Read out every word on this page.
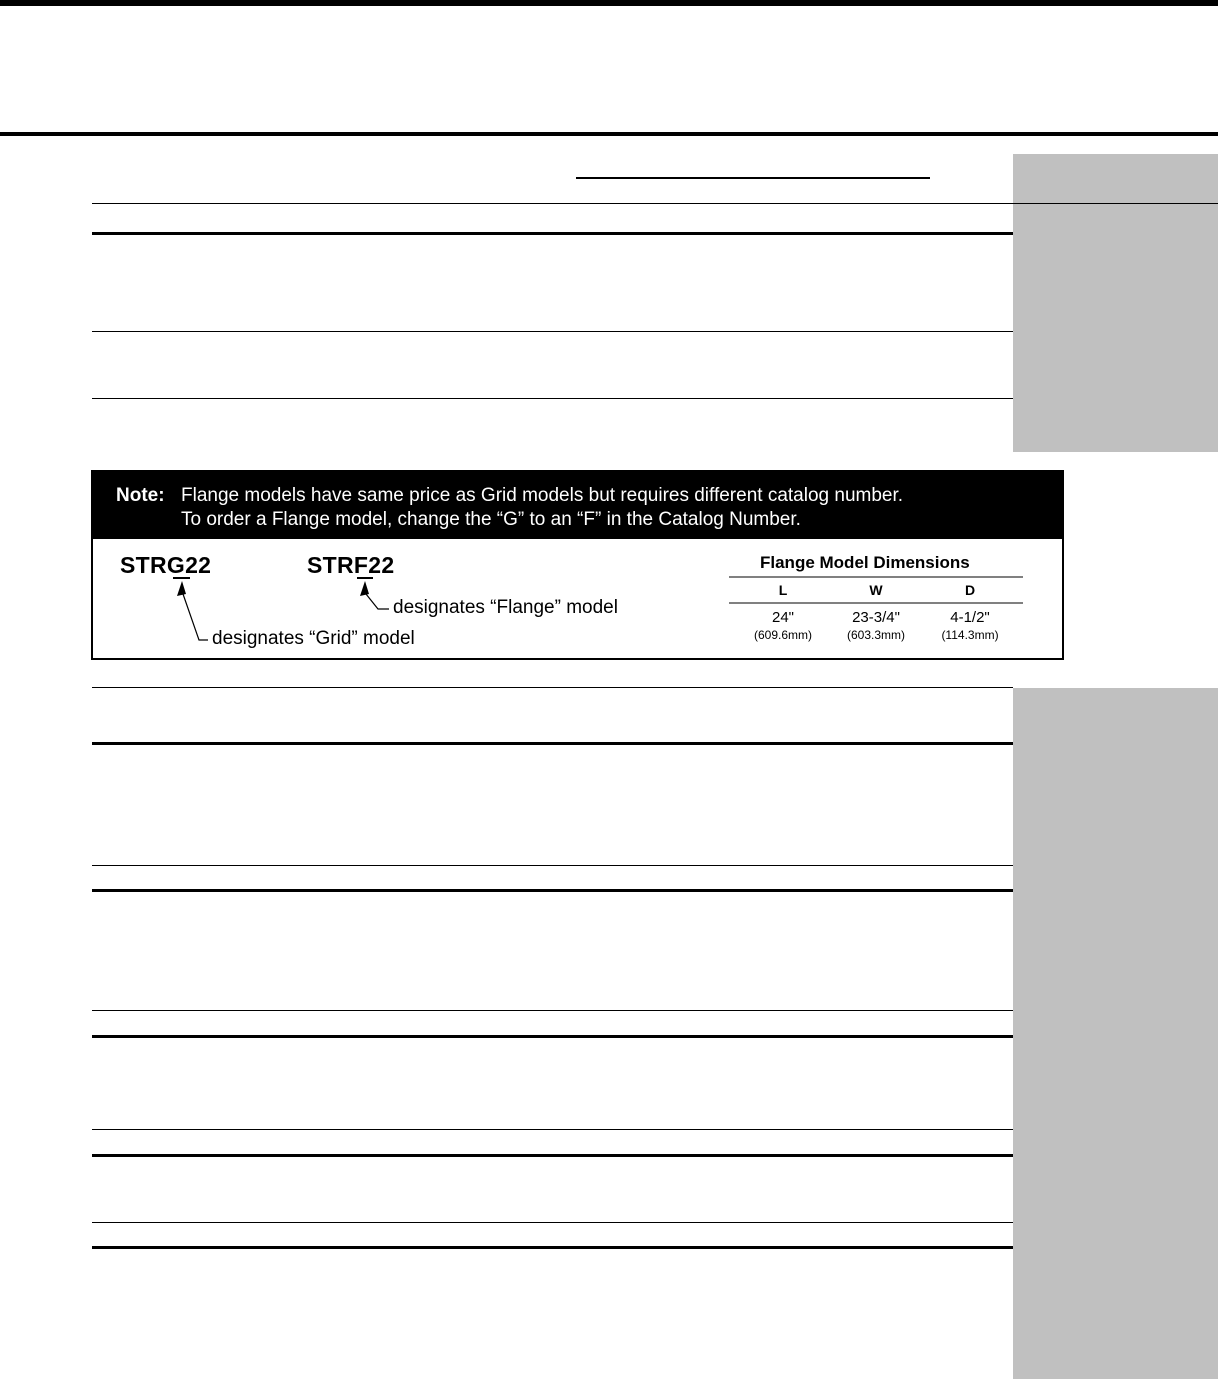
Note: Flange models have same price as Grid models but requires different catalog number.
To order a Flange model, change the “G” to an “F” in the Catalog Number.
STRG22	STRF22
designates “Flange” model
designates “Grid” model
Flange Model Dimensions
L	W	D
24"	23-3/4"	4-1/2"
(609.6mm)	(603.3mm)	(114.3mm)
